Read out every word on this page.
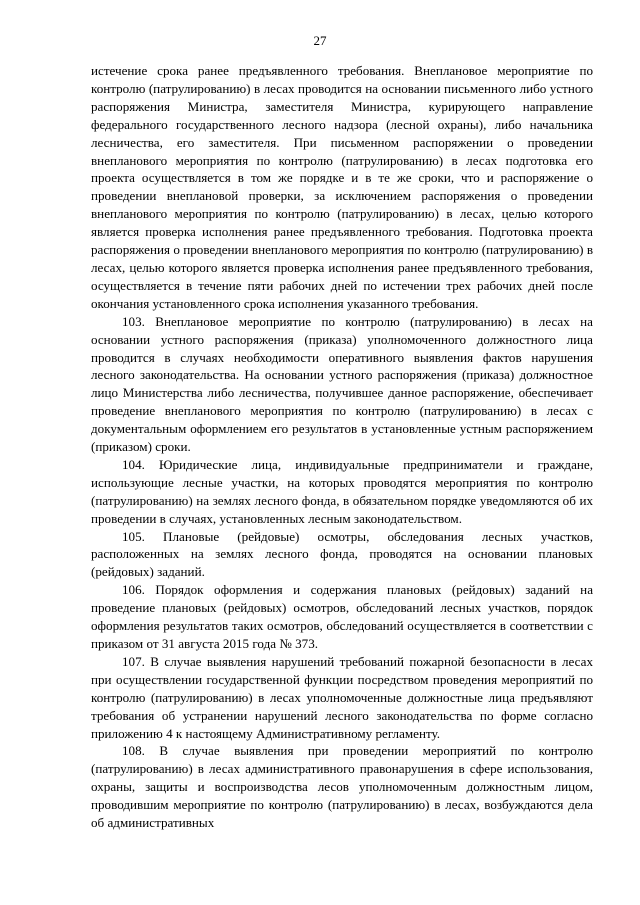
27

истечение срока ранее предъявленного требования. Внеплановое мероприятие по контролю (патрулированию) в лесах проводится на основании письменного либо устного распоряжения Министра, заместителя Министра, курирующего направление федерального государственного лесного надзора (лесной охраны), либо начальника лесничества, его заместителя. При письменном распоряжении о проведении внепланового мероприятия по контролю (патрулированию) в лесах подготовка его проекта осуществляется в том же порядке и в те же сроки, что и распоряжение о проведении внеплановой проверки, за исключением распоряжения о проведении внепланового мероприятия по контролю (патрулированию) в лесах, целью которого является проверка исполнения ранее предъявленного требования. Подготовка проекта распоряжения о проведении внепланового мероприятия по контролю (патрулированию) в лесах, целью которого является проверка исполнения ранее предъявленного требования, осуществляется в течение пяти рабочих дней по истечении трех рабочих дней после окончания установленного срока исполнения указанного требования.

103. Внеплановое мероприятие по контролю (патрулированию) в лесах на основании устного распоряжения (приказа) уполномоченного должностного лица проводится в случаях необходимости оперативного выявления фактов нарушения лесного законодательства. На основании устного распоряжения (приказа) должностное лицо Министерства либо лесничества, получившее данное распоряжение, обеспечивает проведение внепланового мероприятия по контролю (патрулированию) в лесах с документальным оформлением его результатов в установленные устным распоряжением (приказом) сроки.

104. Юридические лица, индивидуальные предприниматели и граждане, использующие лесные участки, на которых проводятся мероприятия по контролю (патрулированию) на землях лесного фонда, в обязательном порядке уведомляются об их проведении в случаях, установленных лесным законодательством.

105. Плановые (рейдовые) осмотры, обследования лесных участков, расположенных на землях лесного фонда, проводятся на основании плановых (рейдовых) заданий.

106. Порядок оформления и содержания плановых (рейдовых) заданий на проведение плановых (рейдовых) осмотров, обследований лесных участков, порядок оформления результатов таких осмотров, обследований осуществляется в соответствии с приказом от 31 августа 2015 года № 373.

107. В случае выявления нарушений требований пожарной безопасности в лесах при осуществлении государственной функции посредством проведения мероприятий по контролю (патрулированию) в лесах уполномоченные должностные лица предъявляют требования об устранении нарушений лесного законодательства по форме согласно приложению 4 к настоящему Административному регламенту.

108. В случае выявления при проведении мероприятий по контролю (патрулированию) в лесах административного правонарушения в сфере использования, охраны, защиты и воспроизводства лесов уполномоченным должностным лицом, проводившим мероприятие по контролю (патрулированию) в лесах, возбуждаются дела об административных
